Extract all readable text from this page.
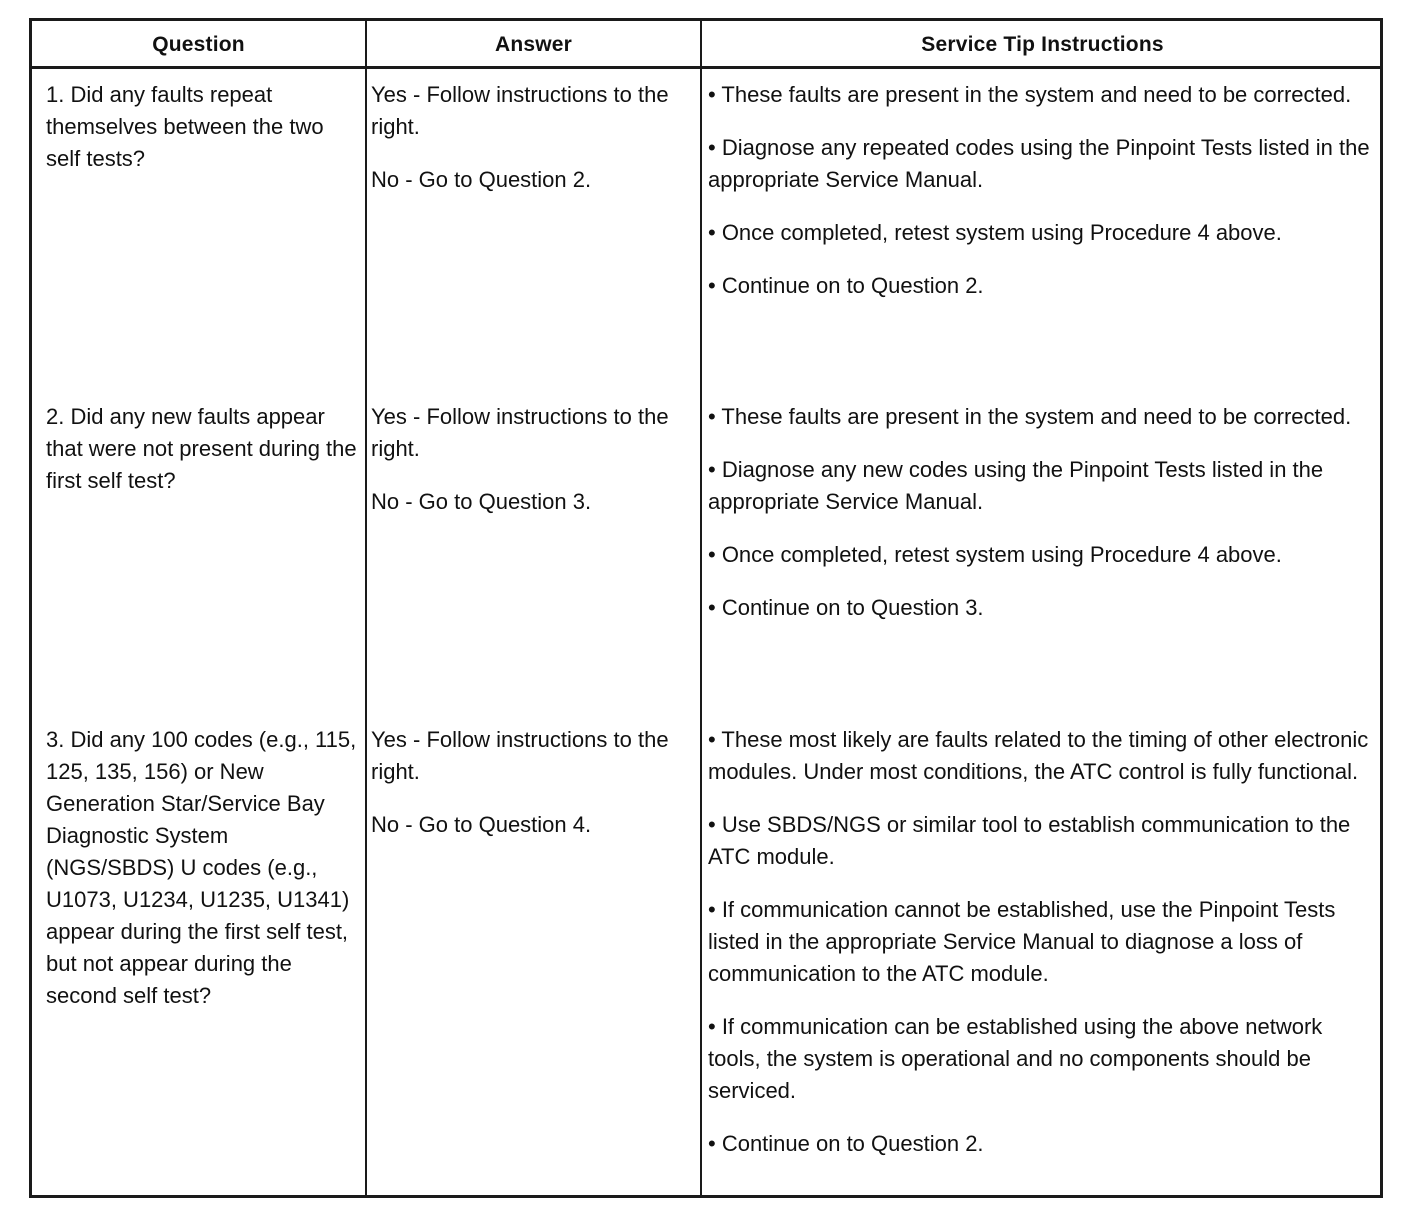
Question	Answer	Service Tip Instructions

1. Did any faults repeat themselves between the two self tests?

Yes - Follow instructions to the right.

No - Go to Question 2.

• These faults are present in the system and need to be corrected.

• Diagnose any repeated codes using the Pinpoint Tests listed in the appropriate Service Manual.

• Once completed, retest system using Procedure 4 above.

• Continue on to Question 2.

2. Did any new faults appear that were not present during the first self test?

Yes - Follow instructions to the right.

No - Go to Question 3.

• These faults are present in the system and need to be corrected.

• Diagnose any new codes using the Pinpoint Tests listed in the appropriate Service Manual.

• Once completed, retest system using Procedure 4 above.

• Continue on to Question 3.

3. Did any 100 codes (e.g., 115, 125, 135, 156) or New Generation Star/Service Bay Diagnostic System (NGS/SBDS) U codes (e.g., U1073, U1234, U1235, U1341) appear during the first self test, but not appear during the second self test?

Yes - Follow instructions to the right.

No - Go to Question 4.

• These most likely are faults related to the timing of other electronic modules. Under most conditions, the ATC control is fully functional.

• Use SBDS/NGS or similar tool to establish communication to the ATC module.

• If communication cannot be established, use the Pinpoint Tests listed in the appropriate Service Manual to diagnose a loss of communication to the ATC module.

• If communication can be established using the above network tools, the system is operational and no components should be serviced.

• Continue on to Question 2.
